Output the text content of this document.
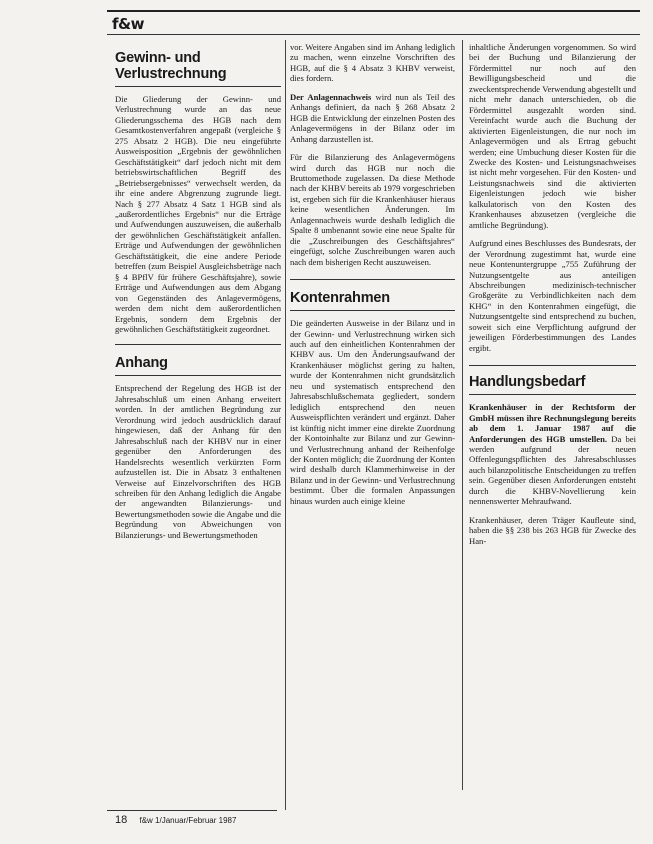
f&w
Gewinn- und Verlustrechnung

Die Gliederung der Gewinn- und Verlustrechnung wurde an das neue Gliederungsschema des HGB nach dem Gesamtkostenverfahren angepaßt (vergleiche § 275 Absatz 2 HGB). Die neu eingeführte Ausweisposition „Ergebnis der gewöhnlichen Geschäftstätigkeit“ darf jedoch nicht mit dem betriebswirtschaftlichen Begriff des „Betriebsergebnisses“ verwechselt werden, da ihr eine andere Abgrenzung zugrunde liegt. Nach § 277 Absatz 4 Satz 1 HGB sind als „außerordentliches Ergebnis“ nur die Erträge und Aufwendungen auszuweisen, die außerhalb der gewöhnlichen Geschäftstätigkeit anfallen. Erträge und Aufwendungen der gewöhnlichen Geschäftstätigkeit, die eine andere Periode betreffen (zum Beispiel Ausgleichsbeträge nach § 4 BPflV für frühere Geschäftsjahre), sowie Erträge und Aufwendungen aus dem Abgang von Gegenständen des Anlagevermögens, werden dem nicht dem außerordentlichen Ergebnis, sondern dem Ergebnis der gewöhnlichen Geschäftstätigkeit zugeordnet.

Anhang

Entsprechend der Regelung des HGB ist der Jahresabschluß um einen Anhang erweitert worden. In der amtlichen Begründung zur Verordnung wird jedoch ausdrücklich darauf hingewiesen, daß der Anhang für den Jahresabschluß nach der KHBV nur in einer gegenüber den Anforderungen des Handelsrechts wesentlich verkürzten Form aufzustellen ist. Die in Absatz 3 enthaltenen Verweise auf Einzelvorschriften des HGB schreiben für den Anhang lediglich die Angabe der angewandten Bilanzierungs- und Bewertungsmethoden sowie die Angabe und die Begründung von Abweichungen von Bilanzierungs- und Bewertungsmethoden

vor. Weitere Angaben sind im Anhang lediglich zu machen, wenn einzelne Vorschriften des HGB, auf die § 4 Absatz 3 KHBV verweist, dies fordern.

Der Anlagennachweis wird nun als Teil des Anhangs definiert, da nach § 268 Absatz 2 HGB die Entwicklung der einzelnen Posten des Anlagevermögens in der Bilanz oder im Anhang darzustellen ist.

Für die Bilanzierung des Anlagevermögens wird durch das HGB nur noch die Bruttomethode zugelassen. Da diese Methode nach der KHBV bereits ab 1979 vorgeschrieben ist, ergeben sich für die Krankenhäuser hieraus keine wesentlichen Änderungen. Im Anlagennachweis wurde deshalb lediglich die Spalte 8 umbenannt sowie eine neue Spalte für die „Zuschreibungen des Geschäftsjahres“ eingefügt, solche Zuschreibungen waren auch nach dem bisherigen Recht auszuweisen.

Kontenrahmen

Die geänderten Ausweise in der Bilanz und in der Gewinn- und Verlustrechnung wirken sich auch auf den einheitlichen Kontenrahmen der KHBV aus. Um den Änderungsaufwand der Krankenhäuser möglichst gering zu halten, wurde der Kontenrahmen nicht grundsätzlich neu und systematisch entsprechend den Jahresabschlußschemata gegliedert, sondern lediglich entsprechend den neuen Ausweispflichten verändert und ergänzt. Daher ist künftig nicht immer eine direkte Zuordnung der Kontoinhalte zur Bilanz und zur Gewinn- und Verlustrechnung anhand der Reihenfolge der Konten möglich; die Zuordnung der Konten wird deshalb durch Klammerhinweise in der Bilanz und in der Gewinn- und Verlustrechnung bestimmt. Über die formalen Anpassungen hinaus wurden auch einige kleine

inhaltliche Änderungen vorgenommen. So wird bei der Buchung und Bilanzierung der Fördermittel nur noch auf den Bewilligungsbescheid und die zweckentsprechende Verwendung abgestellt und nicht mehr danach unterschieden, ob die Fördermittel ausgezahlt worden sind. Vereinfacht wurde auch die Buchung der aktivierten Eigenleistungen, die nur noch im Anlagevermögen und als Ertrag gebucht werden; eine Umbuchung dieser Kosten für die Zwecke des Kosten- und Leistungsnachweises ist nicht mehr vorgesehen. Für den Kosten- und Leistungsnachweis sind die aktivierten Eigenleistungen jedoch wie bisher kalkulatorisch von den Kosten des Krankenhauses abzusetzen (vergleiche die amtliche Begründung).

Aufgrund eines Beschlusses des Bundesrats, der der Verordnung zugestimmt hat, wurde eine neue Kontenuntergruppe „755 Zuführung der Nutzungsentgelte aus anteiligen Abschreibungen medizinisch-technischer Großgeräte zu Verbindlichkeiten nach dem KHG“ in den Kontenrahmen eingefügt, die Nutzungsentgelte sind entsprechend zu buchen, soweit sich eine Verpflichtung aufgrund der jeweiligen Förderbestimmungen des Landes ergibt.

Handlungsbedarf

Krankenhäuser in der Rechtsform der GmbH müssen ihre Rechnungslegung bereits ab dem 1. Januar 1987 auf die Anforderungen des HGB umstellen. Da bei werden aufgrund der neuen Offenlegungspflichten des Jahresabschlusses auch bilanzpolitische Entscheidungen zu treffen sein. Gegenüber diesen Anforderungen entsteht durch die KHBV-Novellierung kein nennenswerter Mehraufwand.

Krankenhäuser, deren Träger Kaufleute sind, haben die §§ 238 bis 263 HGB für Zwecke des Han-

18 f&w 1/Januar/Februar 1987
